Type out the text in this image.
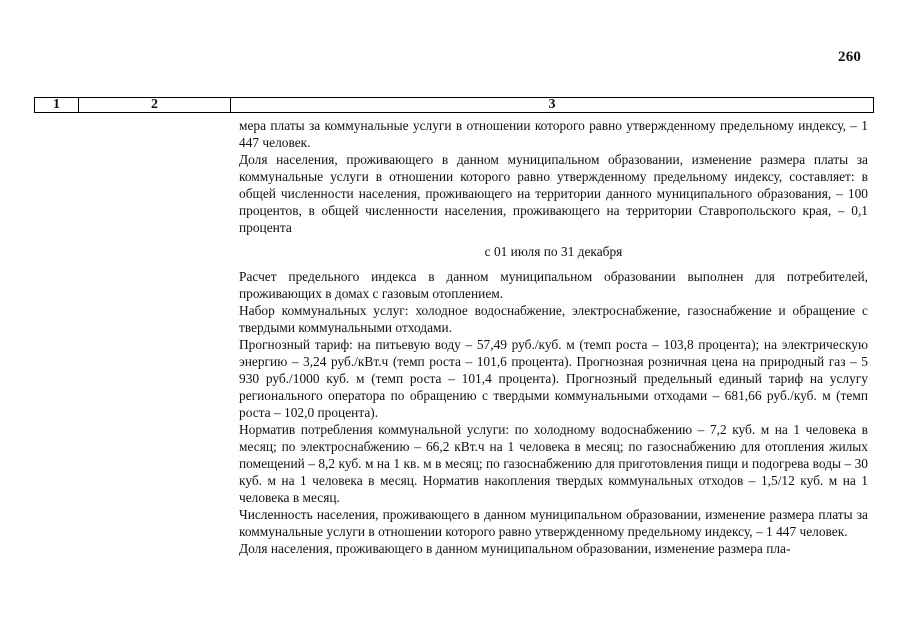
260
1	2	3

мера платы за коммунальные услуги в отношении которого равно утвержденному предельному индексу, – 1 447 человек.

Доля населения, проживающего в данном муниципальном образовании, изменение размера платы за коммунальные услуги в отношении которого равно утвержденному предельному индексу, составляет: в общей численности населения, проживающего на территории данного муниципального образования, – 100 процентов, в общей численности населения, проживающего на территории Ставропольского края, – 0,1 процента

с 01 июля по 31 декабря

Расчет предельного индекса в данном муниципальном образовании выполнен для потребителей, проживающих в домах с газовым отоплением.

Набор коммунальных услуг: холодное водоснабжение, электроснабжение, газоснабжение и обращение с твердыми коммунальными отходами.

Прогнозный тариф: на питьевую воду – 57,49 руб./куб. м (темп роста – 103,8 процента); на электрическую энергию – 3,24 руб./кВт.ч (темп роста – 101,6 процента). Прогнозная розничная цена на природный газ – 5 930 руб./1000 куб. м (темп роста – 101,4 процента). Прогнозный предельный единый тариф на услугу регионального оператора по обращению с твердыми коммунальными отходами – 681,66 руб./куб. м (темп роста – 102,0 процента).

Норматив потребления коммунальной услуги: по холодному водоснабжению – 7,2 куб. м на 1 человека в месяц; по электроснабжению – 66,2 кВт.ч на 1 человека в месяц; по газоснабжению для отопления жилых помещений – 8,2 куб. м на 1 кв. м в месяц; по газоснабжению для приготовления пищи и подогрева воды – 30 куб. м на 1 человека в месяц. Норматив накопления твердых коммунальных отходов – 1,5/12 куб. м на 1 человека в месяц.

Численность населения, проживающего в данном муниципальном образовании, изменение размера платы за коммунальные услуги в отношении которого равно утвержденному предельному индексу, – 1 447 человек.

Доля населения, проживающего в данном муниципальном образовании, изменение размера пла-
